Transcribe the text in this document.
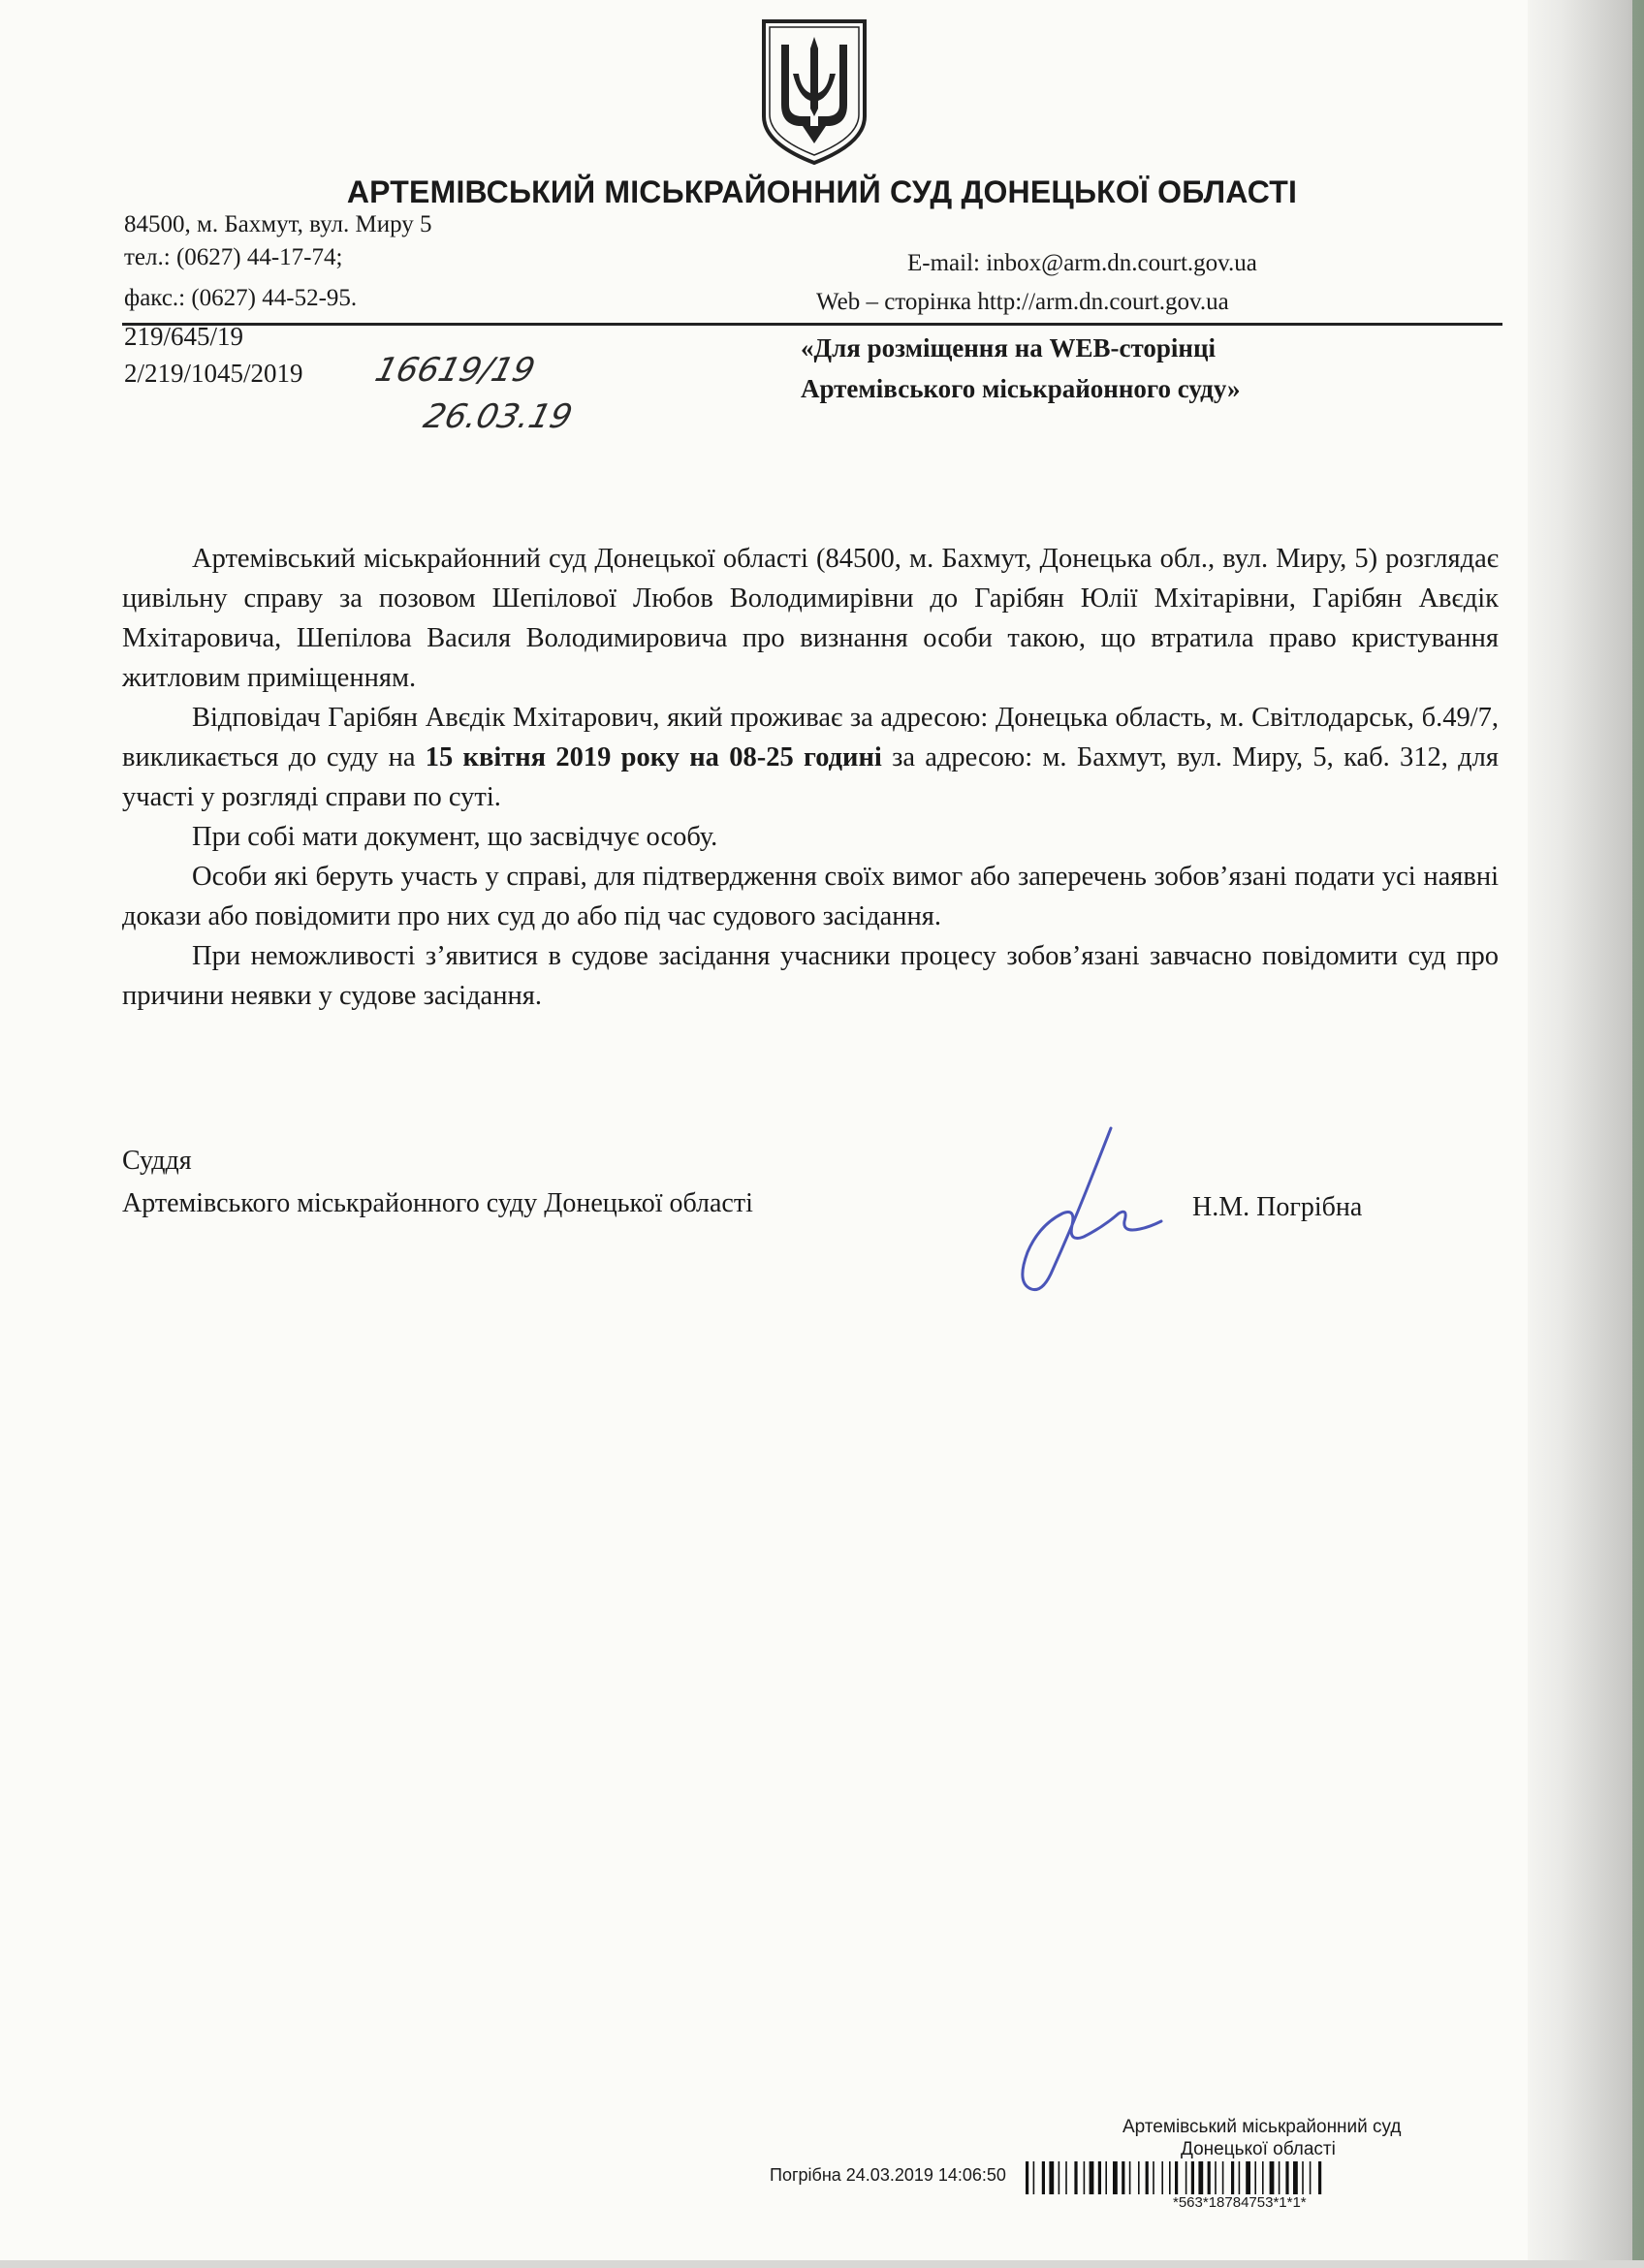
АРТЕМІВСЬКИЙ МІСЬКРАЙОННИЙ СУД ДОНЕЦЬКОЇ ОБЛАСТІ
84500, м. Бахмут, вул. Миру 5
тел.: (0627) 44-17-74;
факс.: (0627) 44-52-95.
E-mail: inbox@arm.dn.court.gov.ua
Web – сторінка http://arm.dn.court.gov.ua
219/645/19
2/219/1045/2019 16619/19
26.03.19
«Для розміщення на WEB-сторінці
Артемівського міськрайонного суду»

Артемівський міськрайонний суд Донецької області (84500, м. Бахмут, Донецька обл., вул. Миру, 5) розглядає цивільну справу за позовом Шепілової Любов Володимирівни до Гарібян Юлії Мхітарівни, Гарібян Авєдік Мхітаровича, Шепілова Василя Володимировича про визнання особи такою, що втратила право кристування житловим приміщенням.

Відповідач Гарібян Авєдік Мхітарович, який проживає за адресою: Донецька область, м. Світлодарськ, б.49/7, викликається до суду на 15 квітня 2019 року на 08-25 годині за адресою: м. Бахмут, вул. Миру, 5, каб. 312, для участі у розгляді справи по суті.

При собі мати документ, що засвідчує особу.

Особи які беруть участь у справі, для підтвердження своїх вимог або заперечень зобов’язані подати усі наявні докази або повідомити про них суд до або під час судового засідання.

При неможливості з’явитися в судове засідання учасники процесу зобов’язані завчасно повідомити суд про причини неявки у судове засідання.

Суддя
Артемівського міськрайонного суду Донецької області	Н.М. Погрібна
Артемівський міськрайонний суд
Донецької області
Погрібна 24.03.2019 14:06:50
*563*18784753*1*1*
